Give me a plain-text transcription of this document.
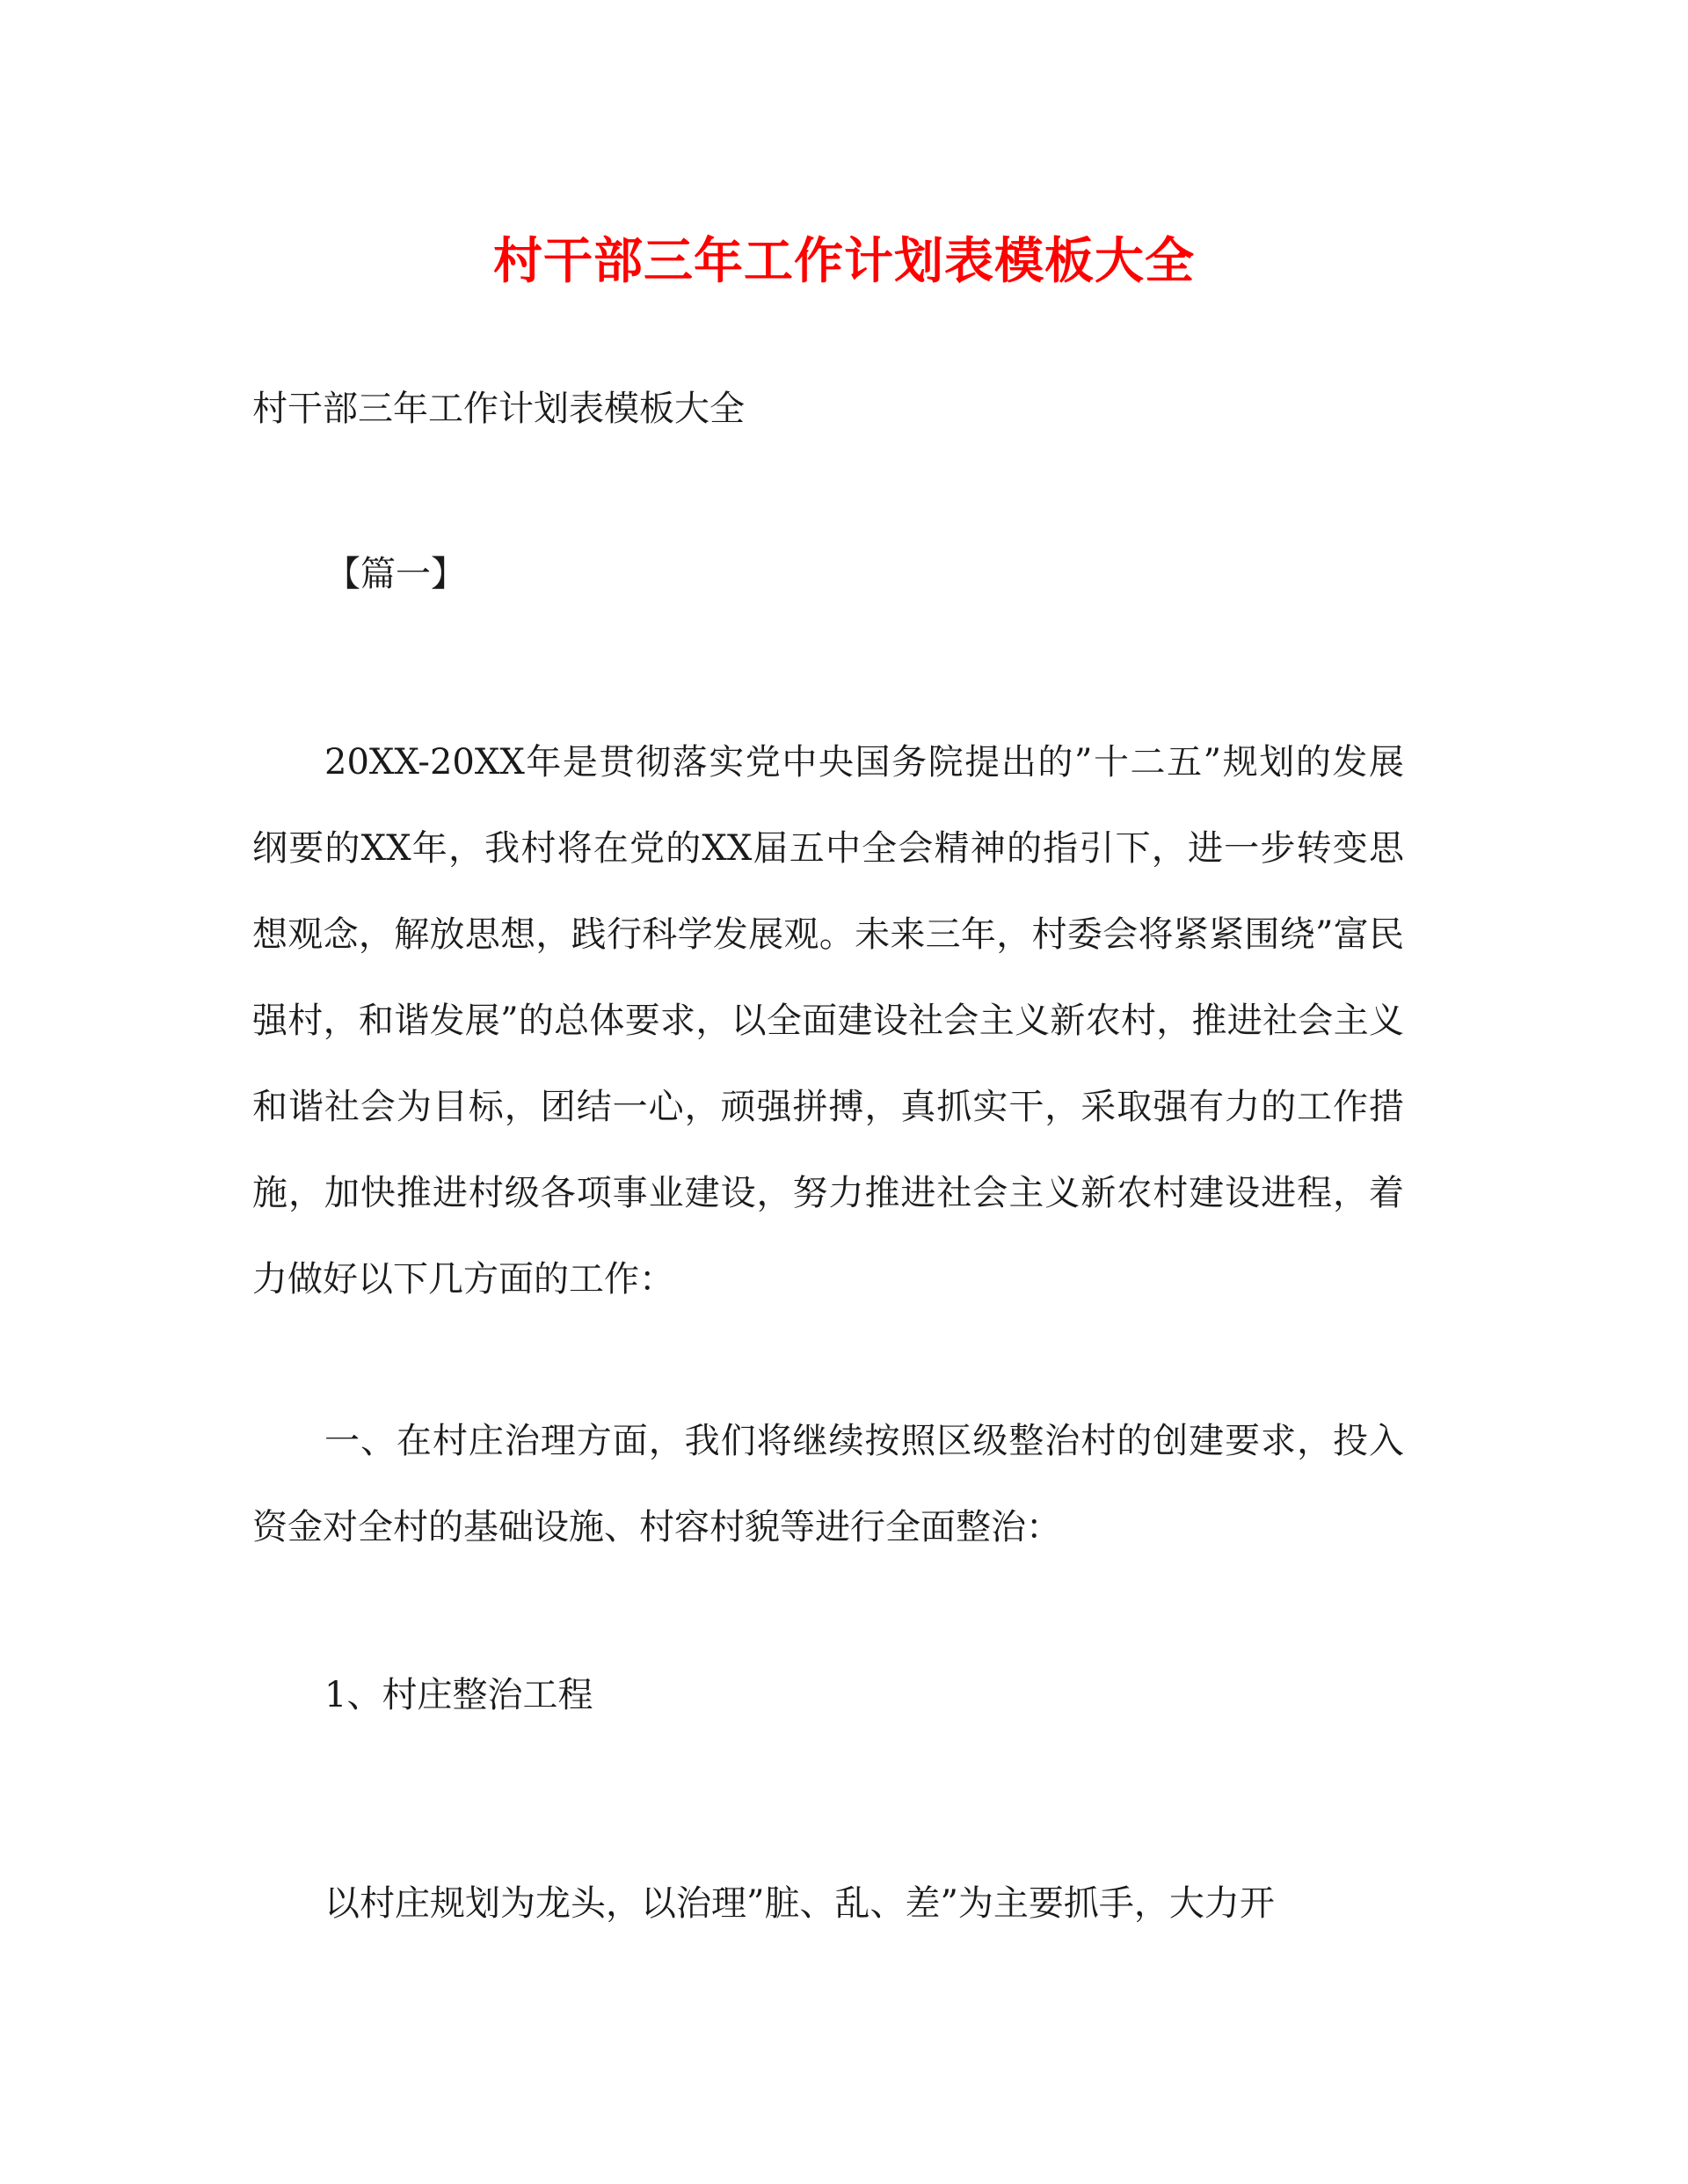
村干部三年工作计划表模板大全
村干部三年工作计划表模板大全
【篇一】

20XX-20XX年是贯彻落实党中央国务院提出的”十二五”规划的发展纲要的XX年，我村将在党的XX届五中全会精神的指引下，进一步转变思想观念，解放思想，践行科学发展观。未来三年，村委会将紧紧围绕”富民强村，和谐发展”的总体要求，以全面建设社会主义新农村，推进社会主义和谐社会为目标，团结一心，顽强拼搏，真抓实干，采取强有力的工作措施，加快推进村级各项事业建设，努力推进社会主义新农村建设进程，着力做好以下几方面的工作：

一、在村庄治理方面，我们将继续按照区级整治村的创建要求，投入资金对全村的基础设施、村容村貌等进行全面整治：

1、村庄整治工程

以村庄规划为龙头，以治理”脏、乱、差”为主要抓手，大力开
